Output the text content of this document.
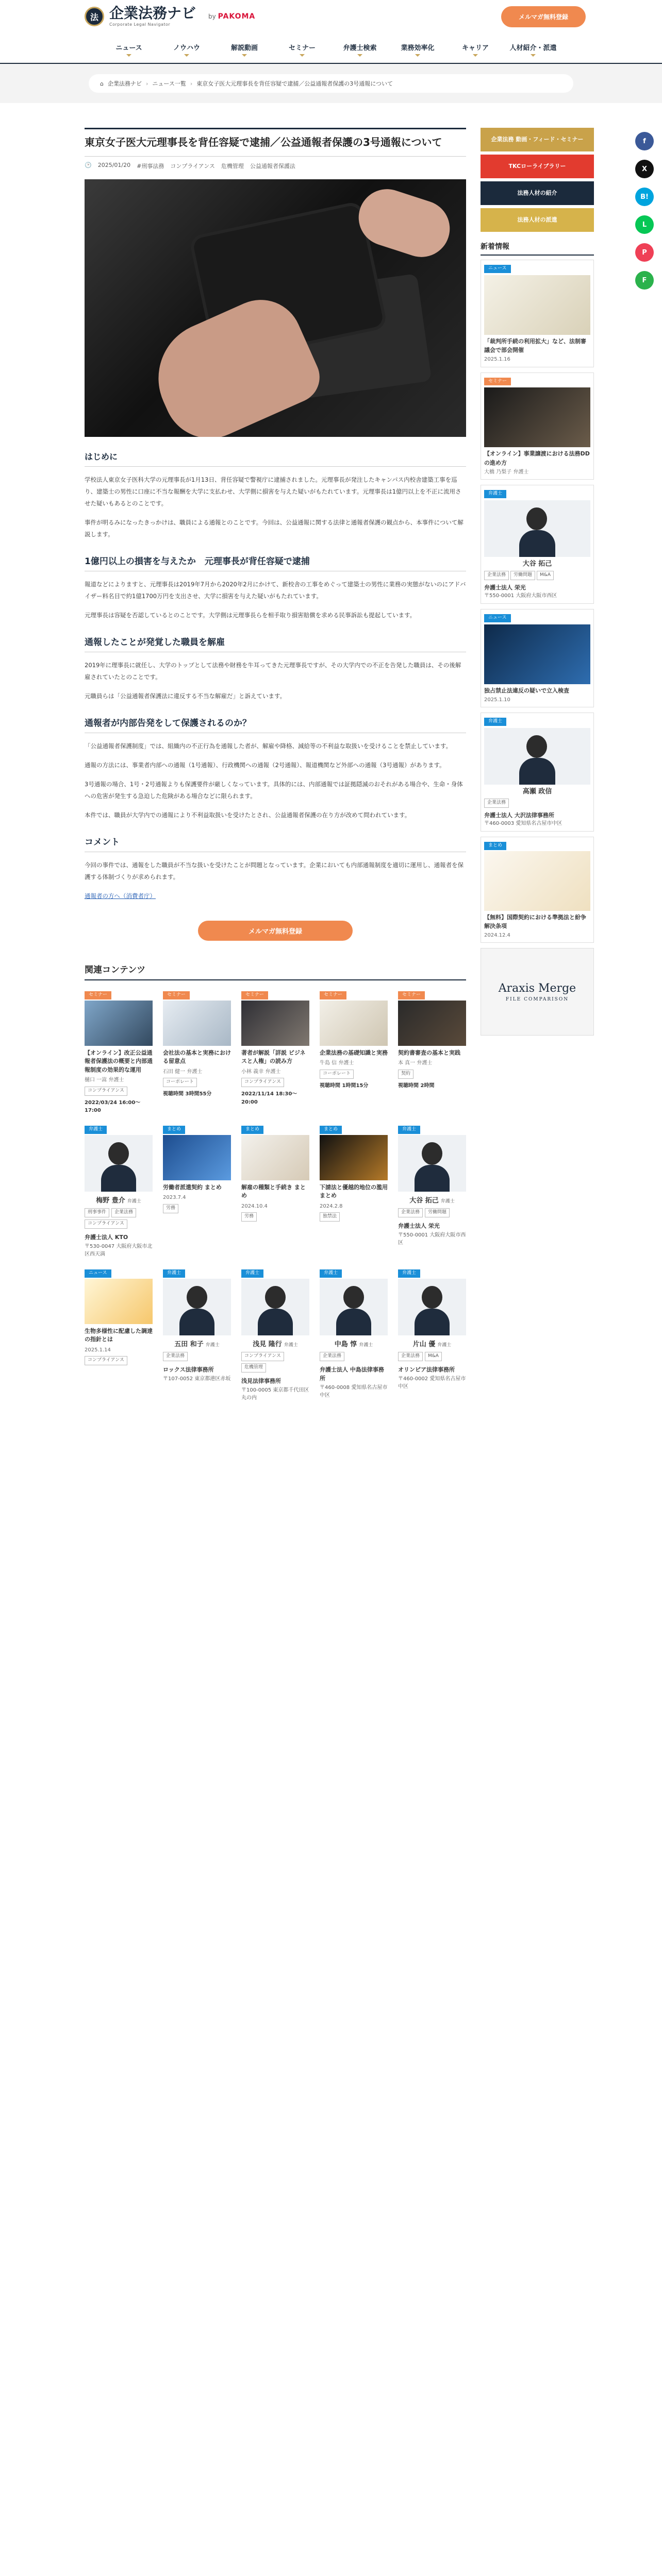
法 企業法務ナビ
Corporate Legal Navigator
by PAKOMA	メルマガ無料登録
ニュース	ノウハウ	解説動画	セミナー	弁護士検索	業務効率化	キャリア	人材紹介・派遣
⌂ 企業法務ナビ › ニュース一覧 › 東京女子医大元理事長を背任容疑で逮捕／公益通報者保護の3号通報について
f
X
B!
L
P
F
東京女子医大元理事長を背任容疑で逮捕／公益通報者保護の3号通報について
🕑 2025/01/20 #刑事法務 コンプライアンス 危機管理 公益通報者保護法
はじめに

学校法人東京女子医科大学の元理事長が1月13日、背任容疑で警視庁に逮捕されました。元理事長が発注したキャンパス内校舎建築工事を巡り、建築士の男性に口座に不当な報酬を大学に支払わせ、大学側に損害を与えた疑いがもたれています。元理事長は1億円以上を不正に流用させた疑いもあるとのことです。

事件が明るみになったきっかけは、職員による通報とのことです。今回は、公益通報に関する法律と通報者保護の観点から、本事件について解説します。

1億円以上の損害を与えたか　元理事長が背任容疑で逮捕

報道などによりますと、元理事長は2019年7月から2020年2月にかけて、新校舎の工事をめぐって建築士の男性に業務の実態がないのにアドバイザー料名目で約1億1700万円を支出させ、大学に損害を与えた疑いがもたれています。

元理事長は容疑を否認しているとのことです。大学側は元理事長らを相手取り損害賠償を求める民事訴訟も提起しています。

通報したことが発覚した職員を解雇

2019年に理事長に就任し、大学のトップとして法務や財務を牛耳ってきた元理事長ですが、その大学内での不正を告発した職員は、その後解雇されていたとのことです。

元職員らは「公益通報者保護法に違反する不当な解雇だ」と訴えています。

通報者が内部告発をして保護されるのか？

「公益通報者保護制度」では、組織内の不正行為を通報した者が、解雇や降格、減給等の不利益な取扱いを受けることを禁止しています。

通報の方法には、事業者内部への通報（1号通報）、行政機関への通報（2号通報）、報道機関など外部への通報（3号通報）があります。

3号通報の場合、1号・2号通報よりも保護要件が厳しくなっています。具体的には、内部通報では証拠隠滅のおそれがある場合や、生命・身体への危害が発生する急迫した危険がある場合などに限られます。

本件では、職員が大学内での通報により不利益取扱いを受けたとされ、公益通報者保護の在り方が改めて問われています。

コメント

今回の事件では、通報をした職員が不当な扱いを受けたことが問題となっています。企業においても内部通報制度を適切に運用し、通報者を保護する体制づくりが求められます。

通報者の方へ（消費者庁）

メルマガ無料登録
関連コンテンツ
セミナー
【オンライン】改正公益通報者保護法の概要と内部通報制度の効果的な運用
樋口 一嵩 弁護士
コンプライアンス
2022/03/24 16:00〜17:00
セミナー
会社法の基本と実務における留意点
石田 健一 弁護士
コーポレート
視聴時間 3時間55分
セミナー
著者が解説「詳説 ビジネスと人権」の読み方
小林 義幸 弁護士
コンプライアンス
2022/11/14 18:30〜20:00
セミナー
企業法務の基礎知識と実務
牛島 信 弁護士
コーポレート
視聴時間 1時間15分
セミナー
契約書審査の基本と実践
本 真一 弁護士
契約
視聴時間 2時間
弁護士
梅野 豊介 弁護士
刑事事件 企業法務コンプライアンス
弁護士法人 KTO
〒530-0047 大阪府大阪市北区西天満
まとめ
労働者派遣契約 まとめ
2023.7.4
労務
まとめ
解雇の種類と手続き まとめ
2024.10.4
労務
まとめ
下請法と優越的地位の濫用 まとめ
2024.2.8
独禁法
弁護士
大谷 拓己 弁護士
企業法務 労働問題
弁護士法人 栄光
〒550-0001 大阪府大阪市西区
ニュース
生物多様性に配慮した調達の指針とは
2025.1.14
コンプライアンス
弁護士
五田 和子 弁護士
企業法務
ロックス法律事務所
〒107-0052 東京都港区赤坂
弁護士
浅見 隆行 弁護士
コンプライアンス危機管理
浅見法律事務所
〒100-0005 東京都千代田区丸の内
弁護士
中島 惇 弁護士
企業法務
弁護士法人 中島法律事務所
〒460-0008 愛知県名古屋市中区
弁護士
片山 優 弁護士
企業法務 M&A
オリンピア法律事務所
〒460-0002 愛知県名古屋市中区
企業法務 動画・フィード・セミナー
TKCローライブラリー
法務人材の紹介
法務人材の派遣
新着情報
ニュース
「裁判所手続の利用拡大」など、法制審議会で部会開催
2025.1.16
セミナー
【オンライン】事業譲渡における法務DDの進め方
大橋 乃梨子 弁護士
弁護士
大谷 拓己
企業法務 労働問題 M&A
弁護士法人 栄光
〒550-0001 大阪府大阪市西区
ニュース
独占禁止法違反の疑いで立入検査
2025.1.10
弁護士
高瀬 政信
企業法務
弁護士法人 大沢法律事務所
〒460-0003 愛知県名古屋市中区
まとめ
【無料】国際契約における準拠法と紛争解決条項
2024.12.4
Araxis Merge
FILE COMPARISON
